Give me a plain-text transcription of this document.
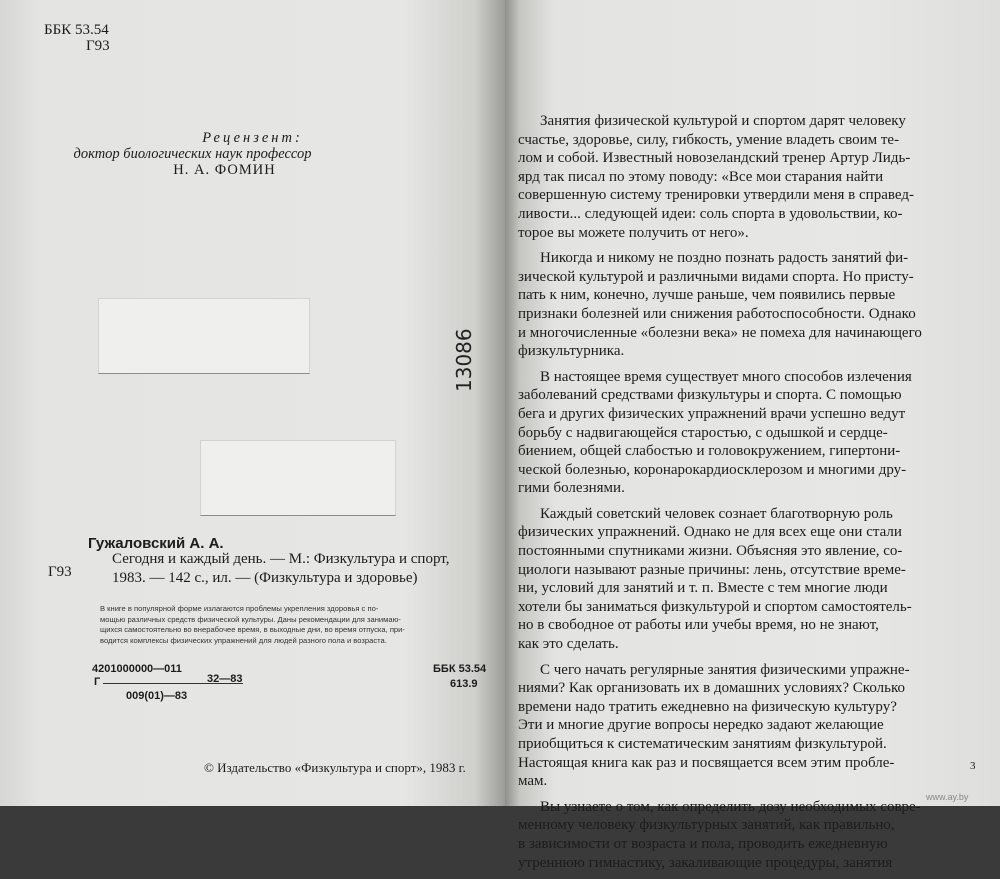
ББК 53.54
Г93
Рецензент:
доктор биологических наук профессор
Н. А. ФОМИН
13086
Гужаловский А. А.
Г93
Сегодня и каждый день. — М.: Физкультура и спорт,
1983. — 142 с., ил. — (Физкультура и здоровье)
В книге в популярной форме излагаются проблемы укрепления здоровья с по-
мощью различных средств физической культуры. Даны рекомендации для занимаю-
щихся самостоятельно во внерабочее время, в выходные дни, во время отпуска, при-
водится комплексы физических упражнений для людей разного пола и возраста.
4201000000—011
Г	32—83
009(01)—83
ББК 53.54
613.9
© Издательство «Физкультура и спорт», 1983 г.

Занятия физической культурой и спортом дарят человеку
счастье, здоровье, силу, гибкость, умение владеть своим те-
лом и собой. Известный новозеландский тренер Артур Лидь-
ярд так писал по этому поводу: «Все мои старания найти
совершенную систему тренировки утвердили меня в справед-
ливости... следующей идеи: соль спорта в удовольствии, ко-
торое вы можете получить от него».

Никогда и никому не поздно познать радость занятий фи-
зической культурой и различными видами спорта. Но присту-
пать к ним, конечно, лучше раньше, чем появились первые
признаки болезней или снижения работоспособности. Однако
и многочисленные «болезни века» не помеха для начинающего
физкультурника.

В настоящее время существует много способов излечения
заболеваний средствами физкультуры и спорта. С помощью
бега и других физических упражнений врачи успешно ведут
борьбу с надвигающейся старостью, с одышкой и сердце-
биением, общей слабостью и головокружением, гипертони-
ческой болезнью, коронарокардиосклерозом и многими дру-
гими болезнями.

Каждый советский человек сознает благотворную роль
физических упражнений. Однако не для всех еще они стали
постоянными спутниками жизни. Объясняя это явление, со-
циологи называют разные причины: лень, отсутствие време-
ни, условий для занятий и т. п. Вместе с тем многие люди
хотели бы заниматься физкультурой и спортом самостоятель-
но в свободное от работы или учебы время, но не знают,
как это сделать.

С чего начать регулярные занятия физическими упражне-
ниями? Как организовать их в домашних условиях? Сколько
времени надо тратить ежедневно на физическую культуру?
Эти и многие другие вопросы нередко задают желающие
приобщиться к систематическим занятиям физкультурой.
Настоящая книга как раз и посвящается всем этим пробле-
мам.

Вы узнаете о том, как определить дозу необходимых совре-
менному человеку физкультурных занятий, как правильно,
в зависимости от возраста и пола, проводить ежедневную
утреннюю гимнастику, закаливающие процедуры, занятия

3
www.ay.by
